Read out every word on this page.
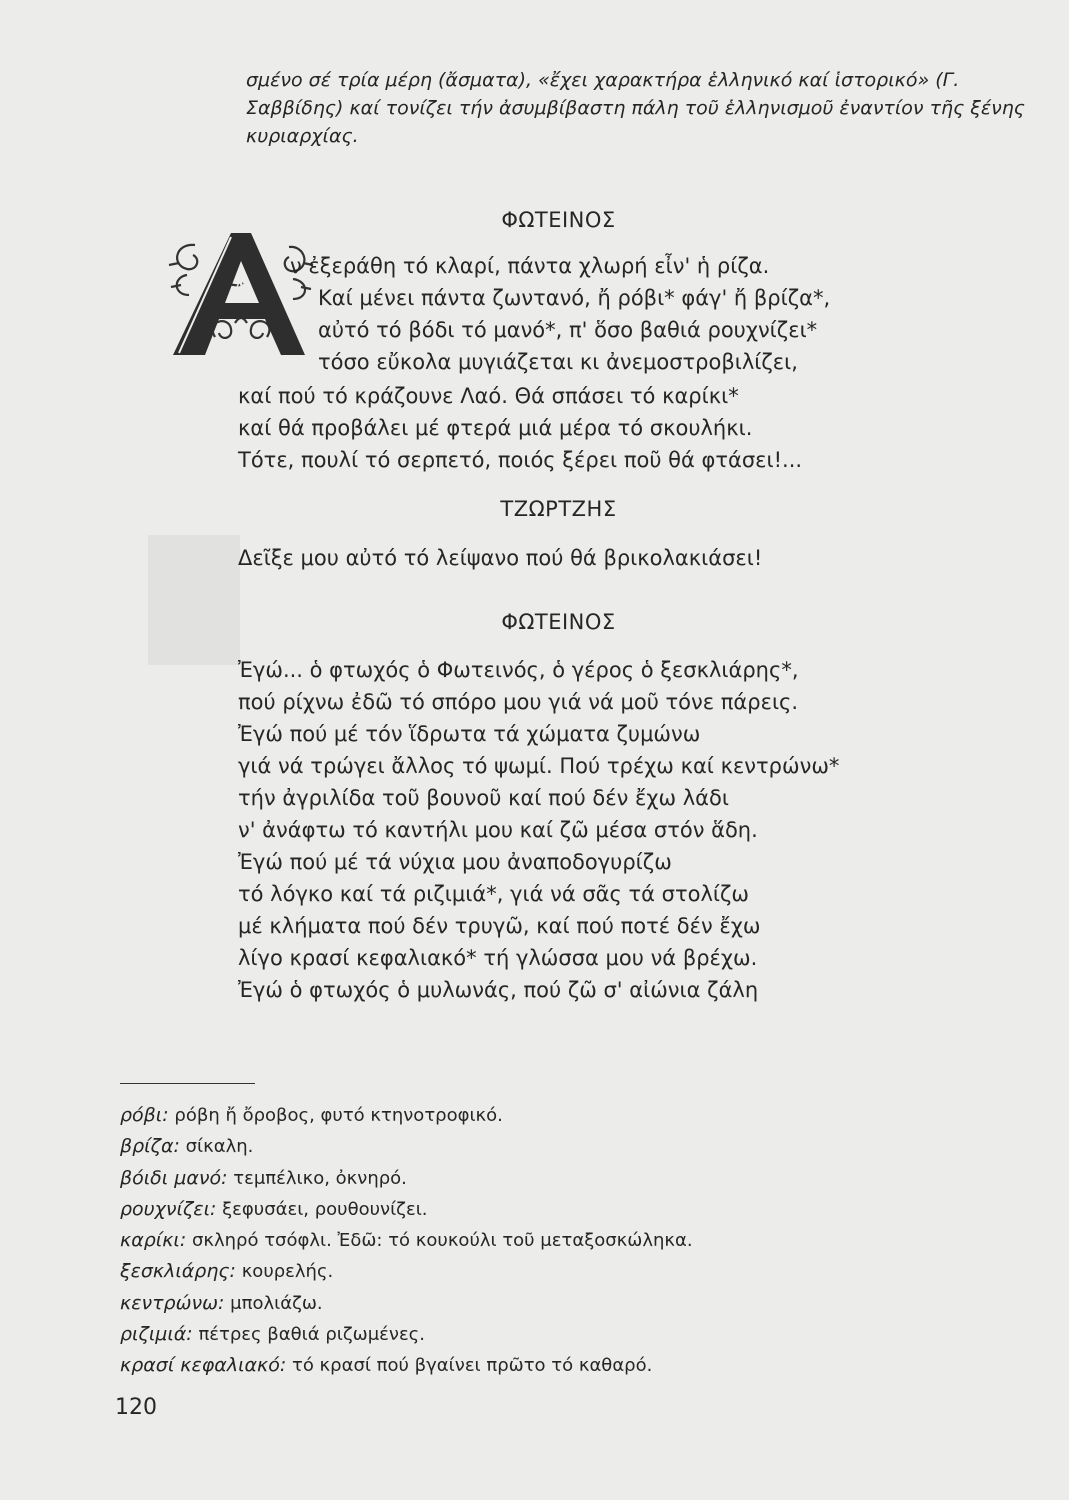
σμένο σέ τρία μέρη (ἄσματα), «ἔχει χαρακτήρα ἑλληνικό καί ἱστορικό» (Γ. Σαββίδης) καί τονίζει τήν ἀσυμβίβαστη πάλη τοῦ ἑλληνισμοῦ ἐναντίον τῆς ξένης κυριαρχίας.

ΦΩΤΕΙΝΟΣ

Α
ν ἐξεράθη τό κλαρί, πάντα χλωρή εἶν' ἡ ρίζα.
Καί μένει πάντα ζωντανό, ἤ ρόβι* φάγ' ἤ βρίζα*,
αὐτό τό βόδι τό μανό*, π' ὅσο βαθιά ρουχνίζει*
τόσο εὔκολα μυγιάζεται κι ἀνεμοστροβιλίζει,
καί πού τό κράζουνε Λαό. Θά σπάσει τό καρίκι*
καί θά προβάλει μέ φτερά μιά μέρα τό σκουλήκι.
Τότε, πουλί τό σερπετό, ποιός ξέρει ποῦ θά φτάσει!...

ΤΖΩΡΤΖΗΣ

Δεῖξε μου αὐτό τό λείψανο πού θά βρικολακιάσει!

ΦΩΤΕΙΝΟΣ

Ἐγώ... ὁ φτωχός ὁ Φωτεινός, ὁ γέρος ὁ ξεσκλιάρης*,
πού ρίχνω ἐδῶ τό σπόρο μου γιά νά μοῦ τόνε πάρεις.
Ἐγώ πού μέ τόν ἵδρωτα τά χώματα ζυμώνω
γιά νά τρώγει ἄλλος τό ψωμί. Πού τρέχω καί κεντρώνω*
τήν ἀγριλίδα τοῦ βουνοῦ καί πού δέν ἔχω λάδι
ν' ἀνάφτω τό καντήλι μου καί ζῶ μέσα στόν ἅδη.
Ἐγώ πού μέ τά νύχια μου ἀναποδογυρίζω
τό λόγκο καί τά ριζιμιά*, γιά νά σᾶς τά στολίζω
μέ κλήματα πού δέν τρυγῶ, καί πού ποτέ δέν ἔχω
λίγο κρασί κεφαλιακό* τή γλώσσα μου νά βρέχω.
Ἐγώ ὁ φτωχός ὁ μυλωνάς, πού ζῶ σ' αἰώνια ζάλη
ρόβι: ρόβη ἤ ὄροβος, φυτό κτηνοτροφικό.
βρίζα: σίκαλη.
βόιδι μανό: τεμπέλικο, ὀκνηρό.
ρουχνίζει: ξεφυσάει, ρουθουνίζει.
καρίκι: σκληρό τσόφλι. Ἐδῶ: τό κουκούλι τοῦ μεταξοσκώληκα.
ξεσκλιάρης: κουρελής.
κεντρώνω: μπολιάζω.
ριζιμιά: πέτρες βαθιά ριζωμένες.
κρασί κεφαλιακό: τό κρασί πού βγαίνει πρῶτο τό καθαρό.

120
